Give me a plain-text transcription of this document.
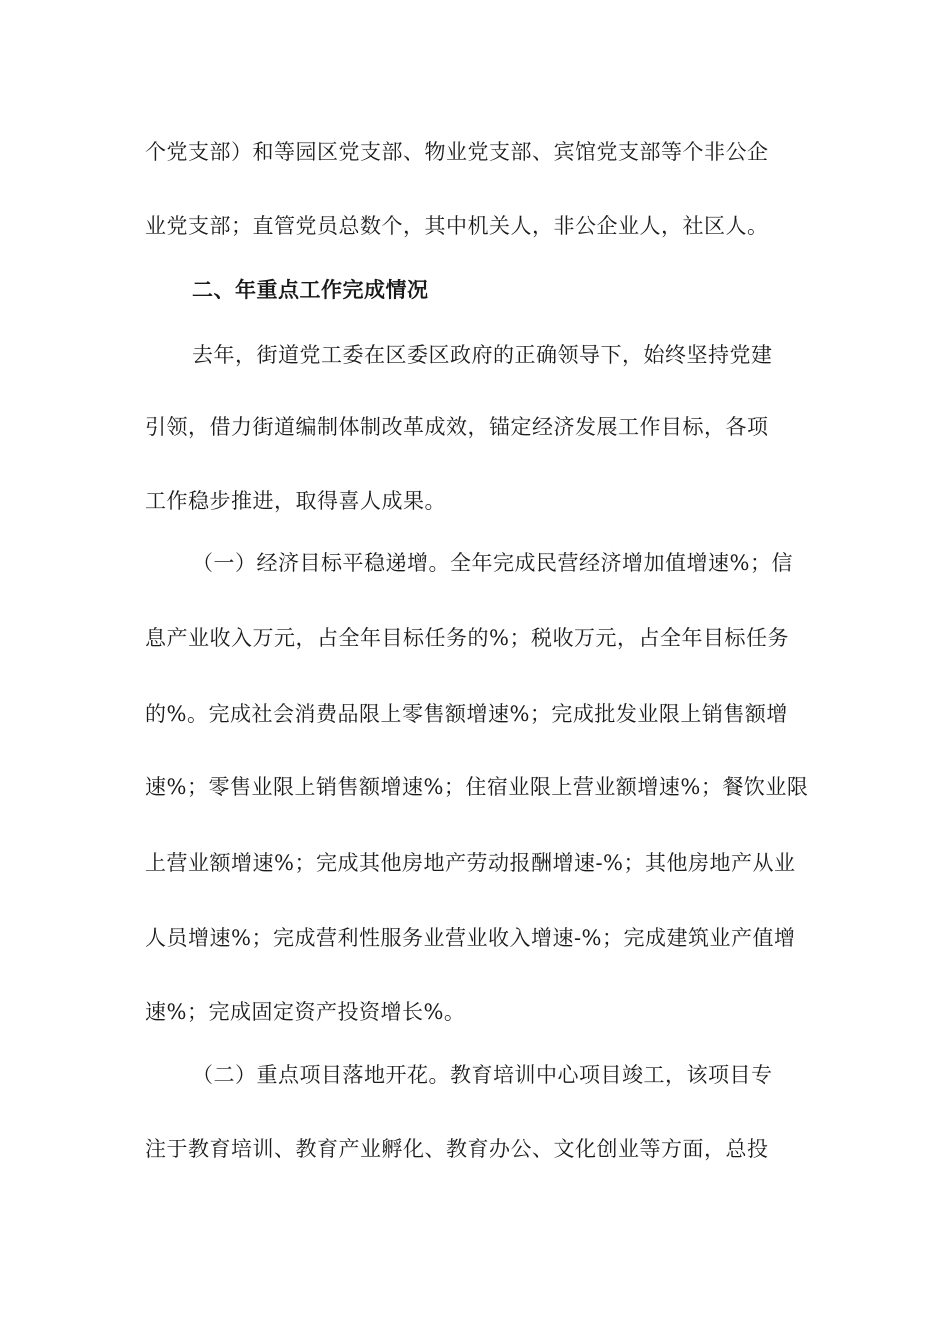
个党支部）和等园区党支部、物业党支部、宾馆党支部等个非公企
业党支部；直管党员总数个，其中机关人，非公企业人，社区人。
二、年重点工作完成情况
去年，街道党工委在区委区政府的正确领导下，始终坚持党建
引领，借力街道编制体制改革成效，锚定经济发展工作目标，各项
工作稳步推进，取得喜人成果。
（一）经济目标平稳递增。全年完成民营经济增加值增速%；信
息产业收入万元，占全年目标任务的%；税收万元，占全年目标任务
的%。完成社会消费品限上零售额增速%；完成批发业限上销售额增
速%；零售业限上销售额增速%；住宿业限上营业额增速%；餐饮业限
上营业额增速%；完成其他房地产劳动报酬增速-%；其他房地产从业
人员增速%；完成营利性服务业营业收入增速-%；完成建筑业产值增
速%；完成固定资产投资增长%。
（二）重点项目落地开花。教育培训中心项目竣工，该项目专
注于教育培训、教育产业孵化、教育办公、文化创业等方面，总投
